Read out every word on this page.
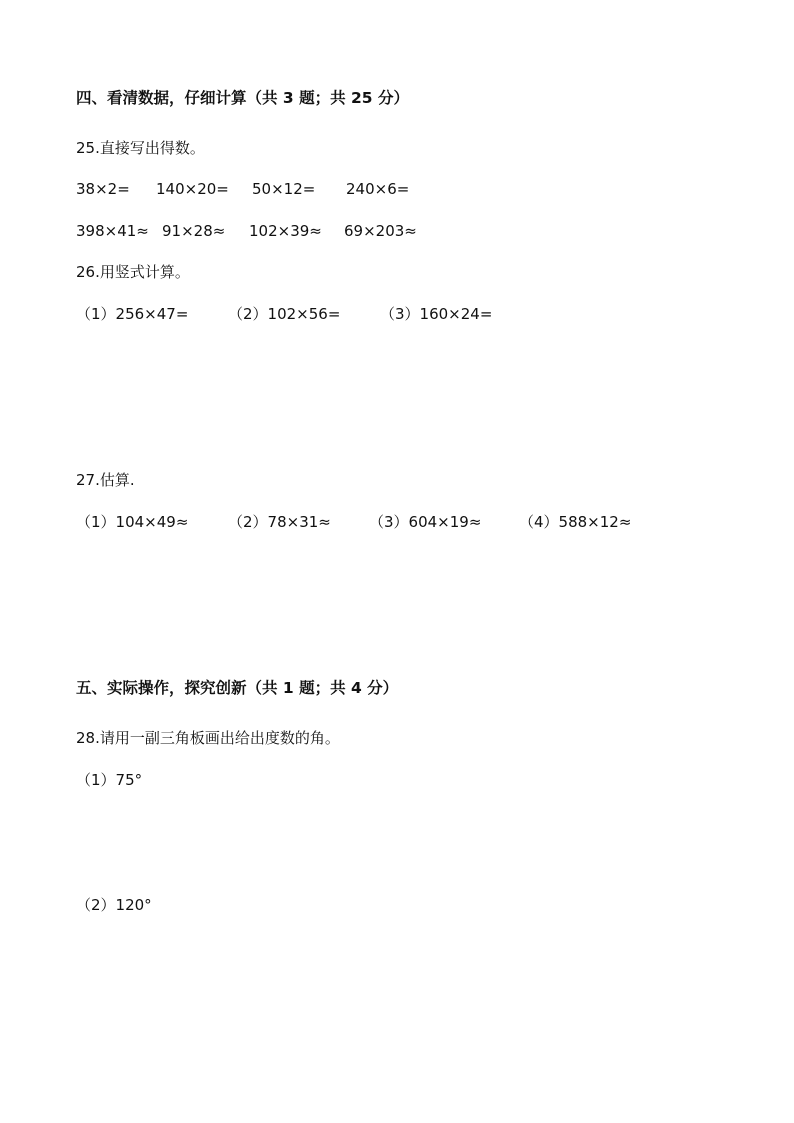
四、看清数据，仔细计算（共 3 题；共 25 分）
25.直接写出得数。
38×2= 140×20= 50×12= 240×6=
398×41≈ 91×28≈ 102×39≈ 69×203≈
26.用竖式计算。
（1）256×47=	（2）102×56=	（3）160×24=
27.估算.
（1）104×49≈	（2）78×31≈	（3）604×19≈	（4）588×12≈
五、实际操作，探究创新（共 1 题；共 4 分）
28.请用一副三角板画出给出度数的角。
（1）75°
（2）120°
